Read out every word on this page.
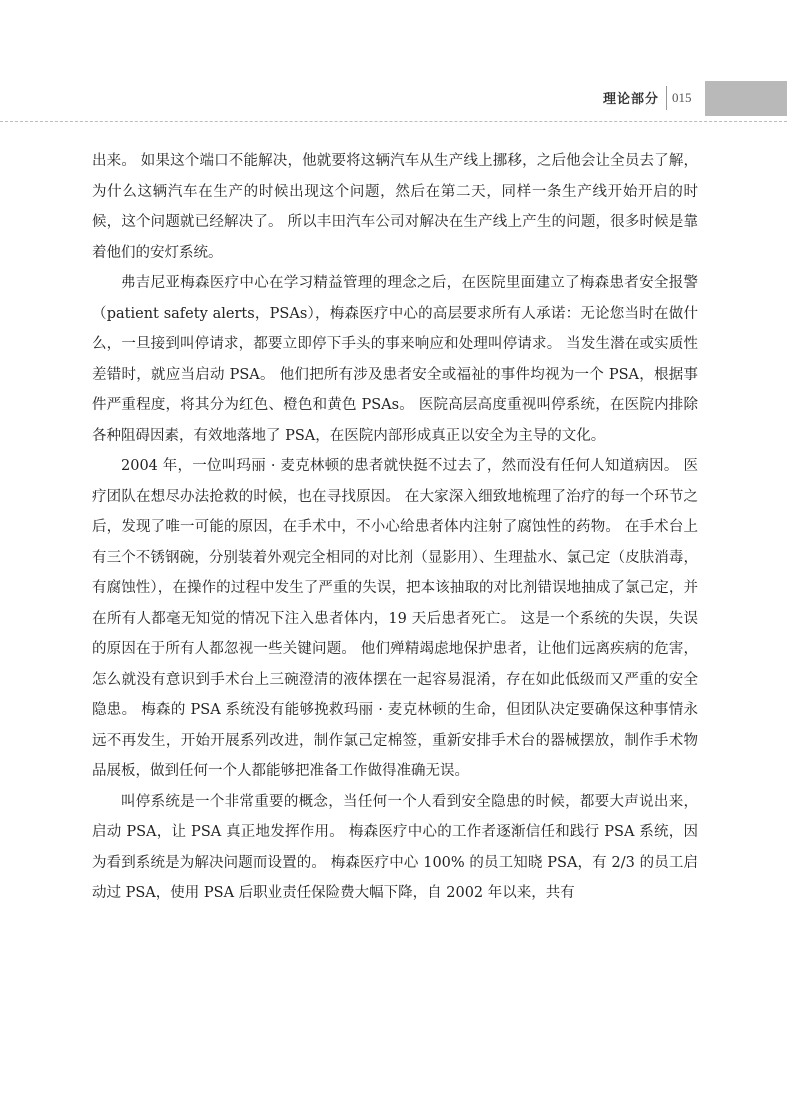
理论部分 015

出来。 如果这个端口不能解决，他就要将这辆汽车从生产线上挪移，之后他会让全员去了解，为什么这辆汽车在生产的时候出现这个问题，然后在第二天，同样一条生产线开始开启的时候，这个问题就已经解决了。 所以丰田汽车公司对解决在生产线上产生的问题，很多时候是靠着他们的安灯系统。

弗吉尼亚梅森医疗中心在学习精益管理的理念之后，在医院里面建立了梅森患者安全报警（patient safety alerts，PSAs），梅森医疗中心的高层要求所有人承诺：无论您当时在做什么，一旦接到叫停请求，都要立即停下手头的事来响应和处理叫停请求。 当发生潜在或实质性差错时，就应当启动 PSA。 他们把所有涉及患者安全或福祉的事件均视为一个 PSA，根据事件严重程度，将其分为红色、橙色和黄色 PSAs。 医院高层高度重视叫停系统，在医院内排除各种阻碍因素，有效地落地了 PSA，在医院内部形成真正以安全为主导的文化。

2004 年，一位叫玛丽 · 麦克林顿的患者就快挺不过去了，然而没有任何人知道病因。 医疗团队在想尽办法抢救的时候，也在寻找原因。 在大家深入细致地梳理了治疗的每一个环节之后，发现了唯一可能的原因，在手术中，不小心给患者体内注射了腐蚀性的药物。 在手术台上有三个不锈钢碗，分别装着外观完全相同的对比剂（显影用）、生理盐水、氯己定（皮肤消毒，有腐蚀性），在操作的过程中发生了严重的失误，把本该抽取的对比剂错误地抽成了氯己定，并在所有人都毫无知觉的情况下注入患者体内，19 天后患者死亡。 这是一个系统的失误，失误的原因在于所有人都忽视一些关键问题。 他们殚精竭虑地保护患者，让他们远离疾病的危害，怎么就没有意识到手术台上三碗澄清的液体摆在一起容易混淆，存在如此低级而又严重的安全隐患。 梅森的 PSA 系统没有能够挽救玛丽 · 麦克林顿的生命，但团队决定要确保这种事情永远不再发生，开始开展系列改进，制作氯己定棉签，重新安排手术台的器械摆放，制作手术物品展板，做到任何一个人都能够把准备工作做得准确无误。

叫停系统是一个非常重要的概念，当任何一个人看到安全隐患的时候，都要大声说出来，启动 PSA，让 PSA 真正地发挥作用。 梅森医疗中心的工作者逐渐信任和践行 PSA 系统，因为看到系统是为解决问题而设置的。 梅森医疗中心 100% 的员工知晓 PSA，有 2/3 的员工启动过 PSA，使用 PSA 后职业责任保险费大幅下降，自 2002 年以来，共有
